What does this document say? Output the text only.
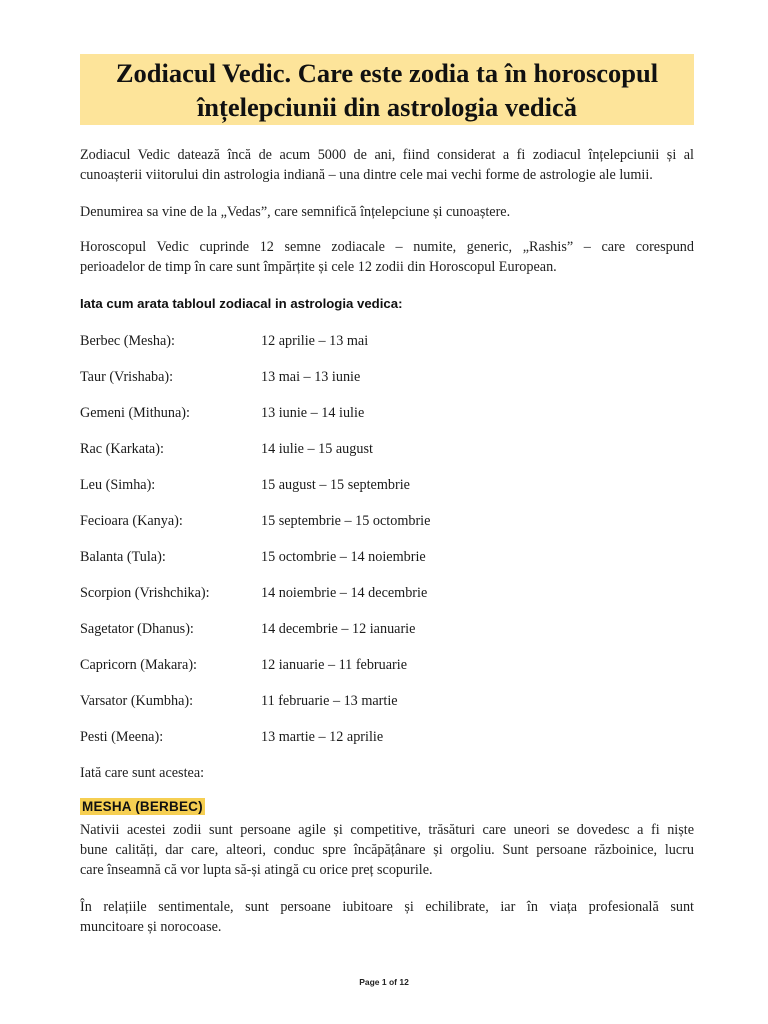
Zodiacul Vedic. Care este zodia ta în horoscopul
înțelepciunii din astrologia vedică
Zodiacul Vedic datează încă de acum 5000 de ani, fiind considerat a fi zodiacul înțelepciunii și al
cunoașterii viitorului din astrologia indiană – una dintre cele mai vechi forme de astrologie ale lumii.
Denumirea sa vine de la „Vedas”, care semnifică înțelepciune și cunoaștere.
Horoscopul Vedic cuprinde 12 semne zodiacale – numite, generic, „Rashis” – care corespund
perioadelor de timp în care sunt împărțite și cele 12 zodii din Horoscopul European.
Iata cum arata tabloul zodiacal in astrologia vedica:
Berbec (Mesha):	12 aprilie – 13 mai
Taur (Vrishaba):	13 mai – 13 iunie
Gemeni (Mithuna):	13 iunie – 14 iulie
Rac (Karkata):	14 iulie – 15 august
Leu (Simha):	15 august – 15 septembrie
Fecioara (Kanya):	15 septembrie – 15 octombrie
Balanta (Tula):	15 octombrie – 14 noiembrie
Scorpion (Vrishchika):	14 noiembrie – 14 decembrie
Sagetator (Dhanus):	14 decembrie – 12 ianuarie
Capricorn (Makara):	12 ianuarie – 11 februarie
Varsator (Kumbha):	11 februarie – 13 martie
Pesti (Meena):	13 martie – 12 aprilie
Iată care sunt acestea:
MESHA (BERBEC)
Nativii acestei zodii sunt persoane agile și competitive, trăsături care uneori se dovedesc a fi niște
bune calități, dar care, alteori, conduc spre încăpățânare și orgoliu. Sunt persoane războinice, lucru
care înseamnă că vor lupta să-și atingă cu orice preț scopurile.
În relațiile sentimentale, sunt persoane iubitoare și echilibrate, iar în viața profesională sunt
muncitoare și norocoase.
Page 1 of 12
